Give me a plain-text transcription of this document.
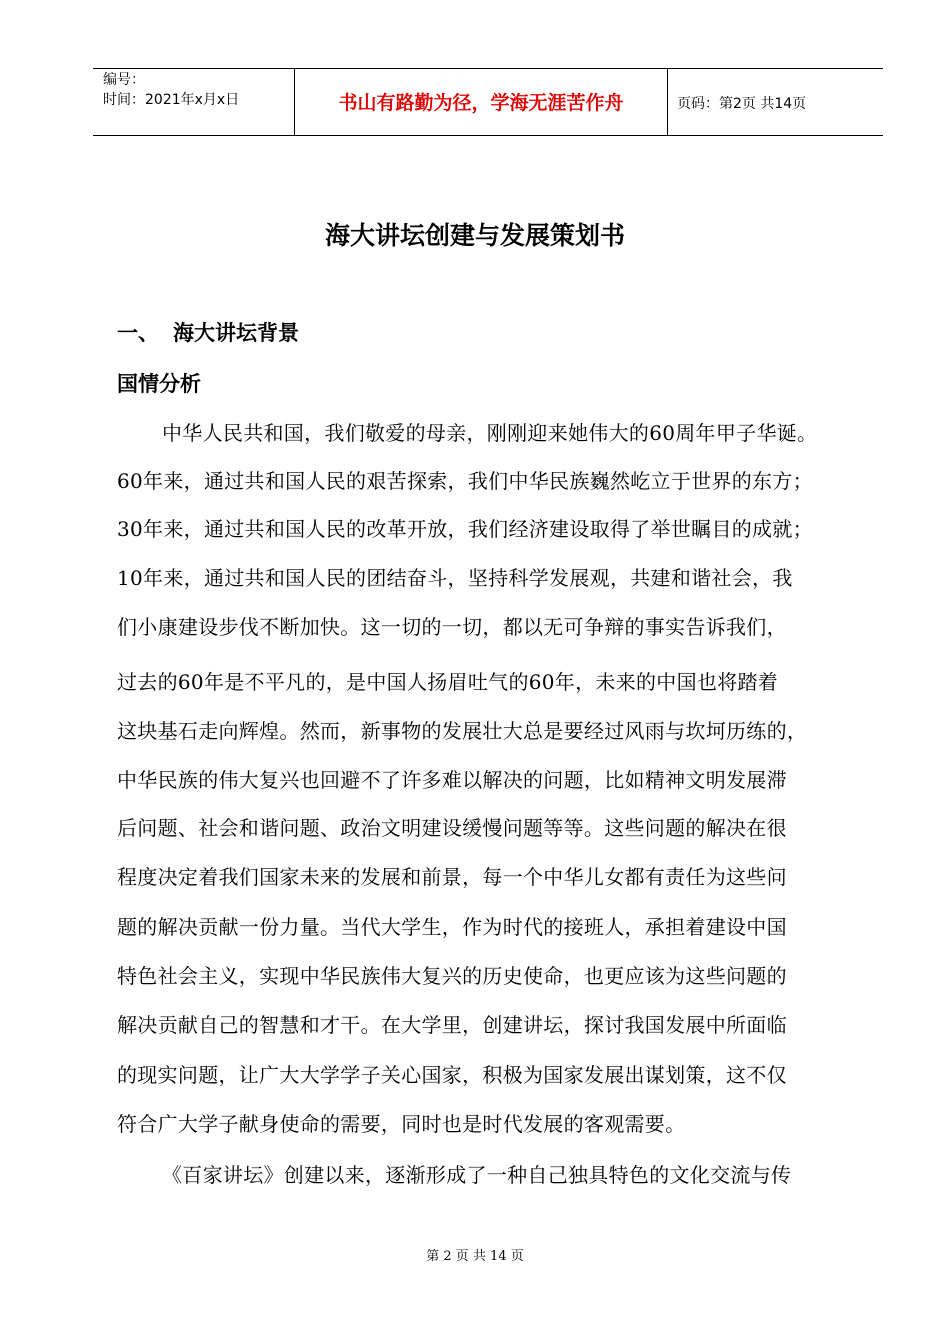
编号：
时间：2021年x月x日	书山有路勤为径，学海无涯苦作舟	页码：第2页 共14页
海大讲坛创建与发展策划书
一、 海大讲坛背景
国情分析
中华人民共和国，我们敬爱的母亲，刚刚迎来她伟大的60周年甲子华诞。
60年来，通过共和国人民的艰苦探索，我们中华民族巍然屹立于世界的东方；
30年来，通过共和国人民的改革开放，我们经济建设取得了举世瞩目的成就；
10年来，通过共和国人民的团结奋斗，坚持科学发展观，共建和谐社会，我
们小康建设步伐不断加快。这一切的一切，都以无可争辩的事实告诉我们，
过去的60年是不平凡的，是中国人扬眉吐气的60年，未来的中国也将踏着
这块基石走向辉煌。然而，新事物的发展壮大总是要经过风雨与坎坷历练的，
中华民族的伟大复兴也回避不了许多难以解决的问题，比如精神文明发展滞
后问题、社会和谐问题、政治文明建设缓慢问题等等。这些问题的解决在很
程度决定着我们国家未来的发展和前景，每一个中华儿女都有责任为这些问
题的解决贡献一份力量。当代大学生，作为时代的接班人，承担着建设中国
特色社会主义，实现中华民族伟大复兴的历史使命，也更应该为这些问题的
解决贡献自己的智慧和才干。在大学里，创建讲坛，探讨我国发展中所面临
的现实问题，让广大大学学子关心国家，积极为国家发展出谋划策，这不仅
符合广大学子献身使命的需要，同时也是时代发展的客观需要。
《百家讲坛》创建以来，逐渐形成了一种自己独具特色的文化交流与传
第 2 页 共 14 页
